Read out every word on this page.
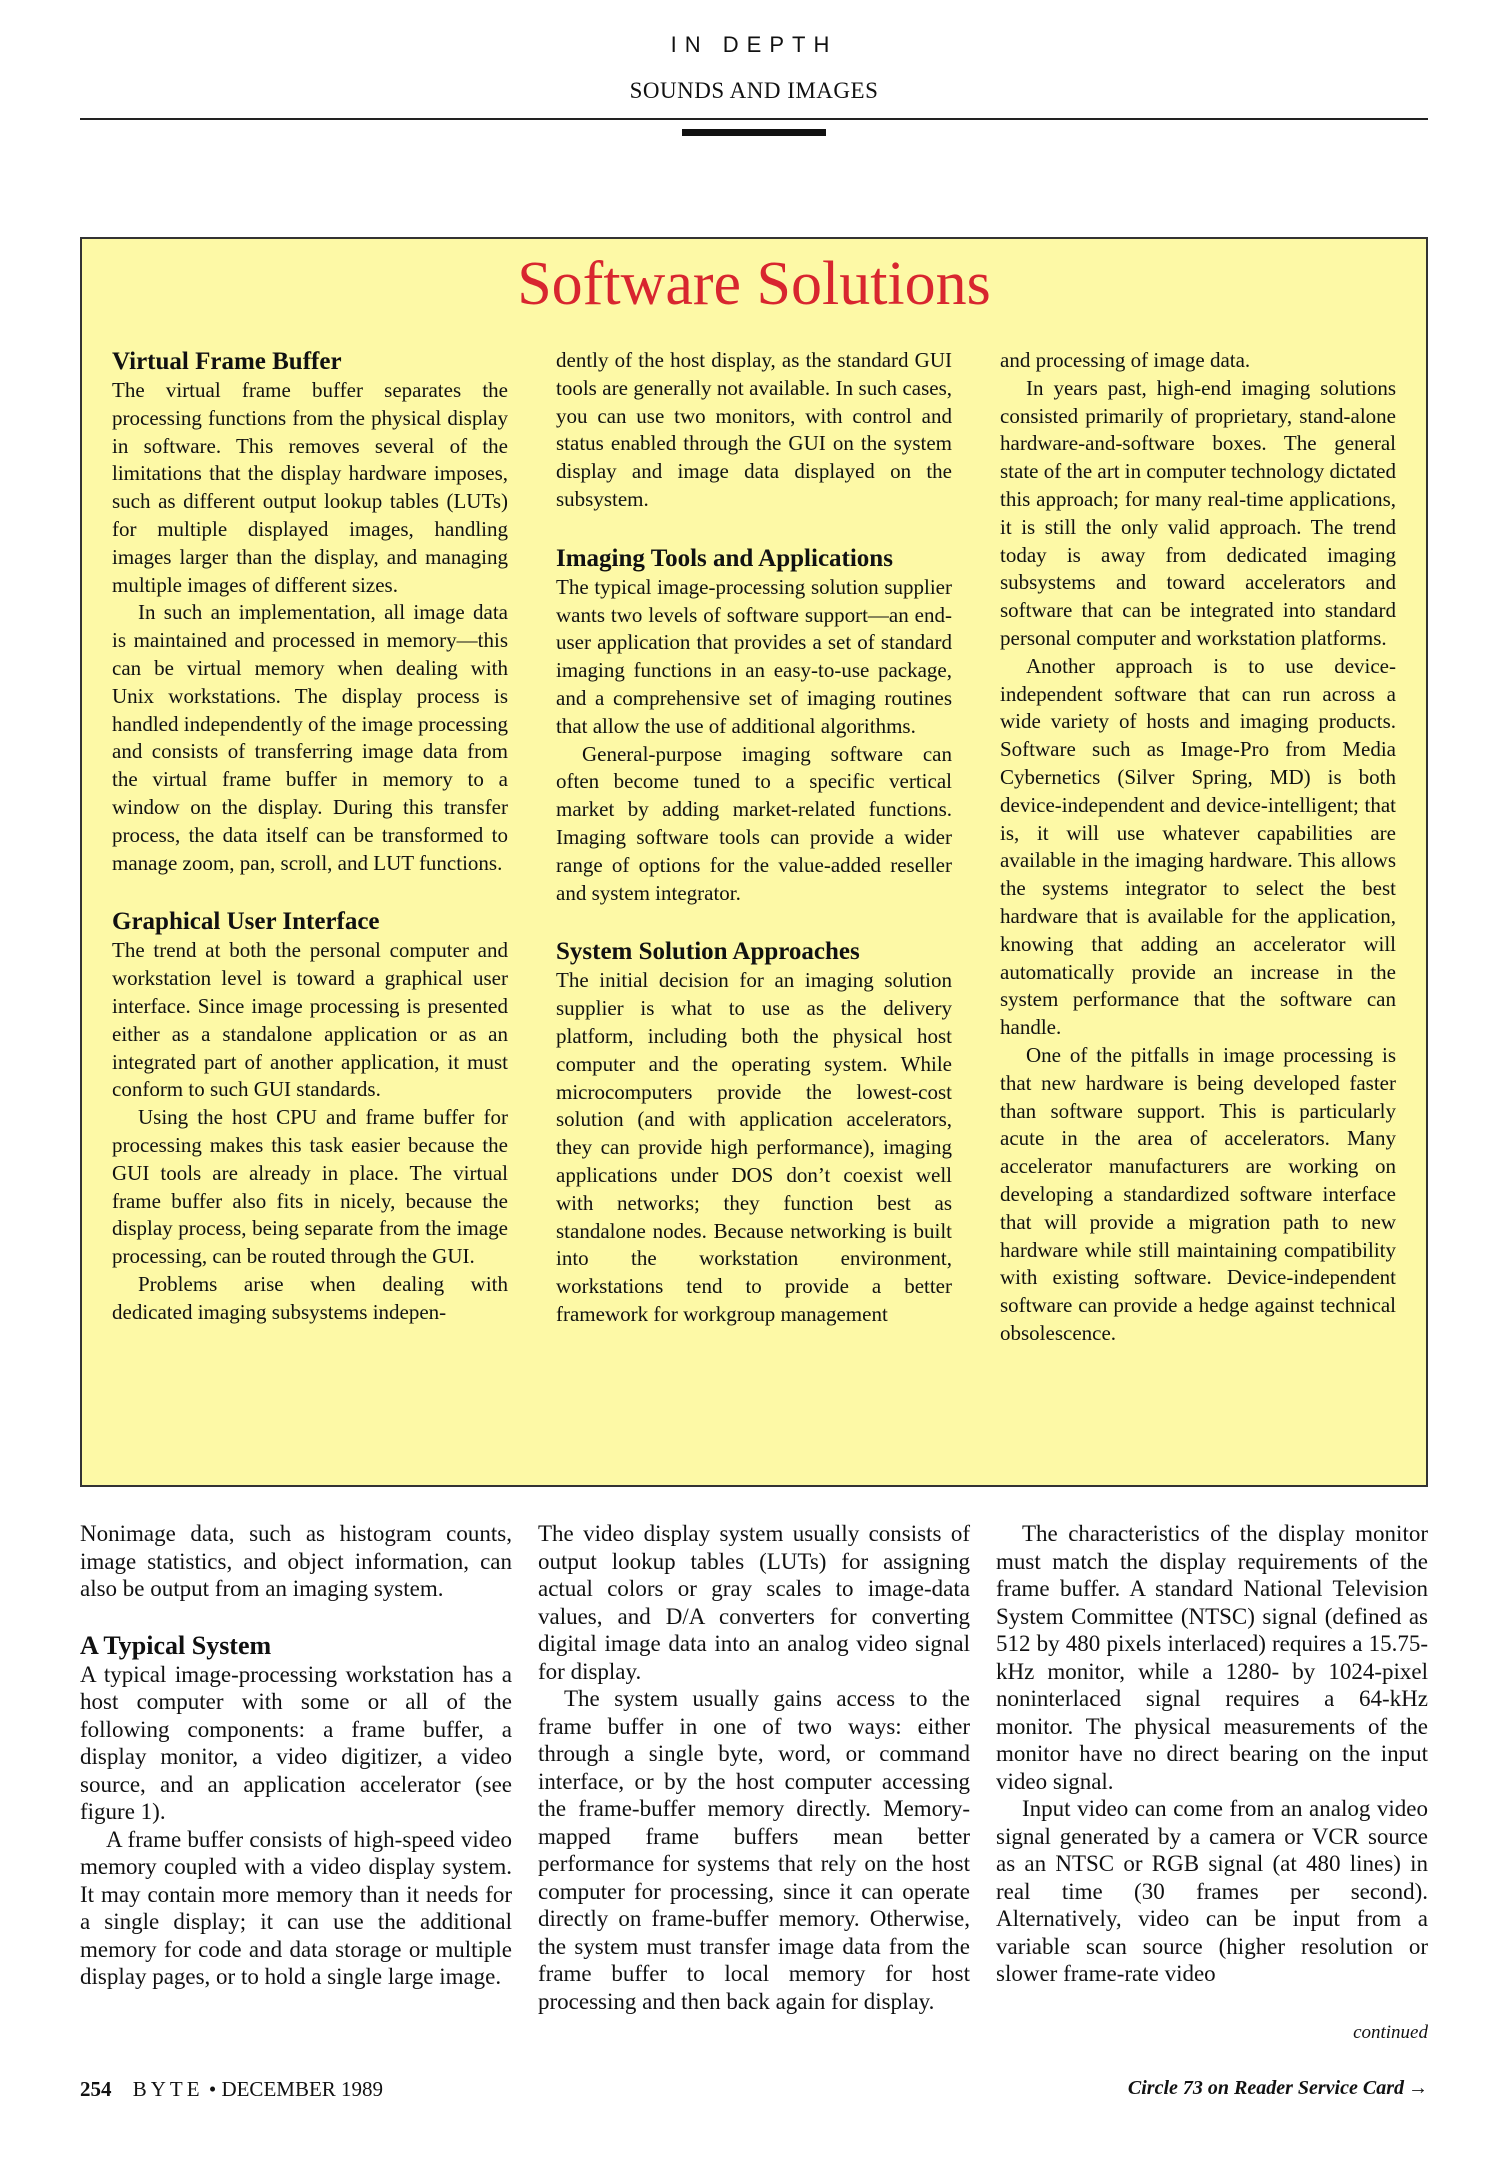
IN DEPTH
SOUNDS AND IMAGES
Software Solutions
Virtual Frame Buffer

The virtual frame buffer separates the processing functions from the physical display in software. This removes several of the limitations that the display hardware imposes, such as different output lookup tables (LUTs) for multiple displayed images, handling images larger than the display, and managing multiple images of different sizes.

In such an implementation, all image data is maintained and processed in memory—this can be virtual memory when dealing with Unix workstations. The display process is handled independently of the image processing and consists of transferring image data from the virtual frame buffer in memory to a window on the display. During this transfer process, the data itself can be transformed to manage zoom, pan, scroll, and LUT functions.

Graphical User Interface

The trend at both the personal computer and workstation level is toward a graphical user interface. Since image processing is presented either as a standalone application or as an integrated part of another application, it must conform to such GUI standards.

Using the host CPU and frame buffer for processing makes this task easier because the GUI tools are already in place. The virtual frame buffer also fits in nicely, because the display process, being separate from the image processing, can be routed through the GUI.

Problems arise when dealing with dedicated imaging subsystems indepen-

dently of the host display, as the standard GUI tools are generally not available. In such cases, you can use two monitors, with control and status enabled through the GUI on the system display and image data displayed on the subsystem.

Imaging Tools and Applications

The typical image-processing solution supplier wants two levels of software support—an end-user application that provides a set of standard imaging functions in an easy-to-use package, and a comprehensive set of imaging routines that allow the use of additional algorithms.

General-purpose imaging software can often become tuned to a specific vertical market by adding market-related functions. Imaging software tools can provide a wider range of options for the value-added reseller and system integrator.

System Solution Approaches

The initial decision for an imaging solution supplier is what to use as the delivery platform, including both the physical host computer and the operating system. While microcomputers provide the lowest-cost solution (and with application accelerators, they can provide high performance), imaging applications under DOS don’t coexist well with networks; they function best as standalone nodes. Because networking is built into the workstation environment, workstations tend to provide a better framework for workgroup management

and processing of image data.

In years past, high-end imaging solutions consisted primarily of proprietary, stand-alone hardware-and-software boxes. The general state of the art in computer technology dictated this approach; for many real-time applications, it is still the only valid approach. The trend today is away from dedicated imaging subsystems and toward accelerators and software that can be integrated into standard personal computer and workstation platforms.

Another approach is to use device-independent software that can run across a wide variety of hosts and imaging products. Software such as Image-Pro from Media Cybernetics (Silver Spring, MD) is both device-independent and device-intelligent; that is, it will use whatever capabilities are available in the imaging hardware. This allows the systems integrator to select the best hardware that is available for the application, knowing that adding an accelerator will automatically provide an increase in the system performance that the software can handle.

One of the pitfalls in image processing is that new hardware is being developed faster than software support. This is particularly acute in the area of accelerators. Many accelerator manufacturers are working on developing a standardized software interface that will provide a migration path to new hardware while still maintaining compatibility with existing software. Device-independent software can provide a hedge against technical obsolescence.

Nonimage data, such as histogram counts, image statistics, and object information, can also be output from an imaging system.

A Typical System

A typical image-processing workstation has a host computer with some or all of the following components: a frame buffer, a display monitor, a video digitizer, a video source, and an application accelerator (see figure 1).

A frame buffer consists of high-speed video memory coupled with a video display system. It may contain more memory than it needs for a single display; it can use the additional memory for code and data storage or multiple display pages, or to hold a single large image.

The video display system usually consists of output lookup tables (LUTs) for assigning actual colors or gray scales to image-data values, and D/A converters for converting digital image data into an analog video signal for display.

The system usually gains access to the frame buffer in one of two ways: either through a single byte, word, or command interface, or by the host computer accessing the frame-buffer memory directly. Memory-mapped frame buffers mean better performance for systems that rely on the host computer for processing, since it can operate directly on frame-buffer memory. Otherwise, the system must transfer image data from the frame buffer to local memory for host processing and then back again for display.

The characteristics of the display monitor must match the display requirements of the frame buffer. A standard National Television System Committee (NTSC) signal (defined as 512 by 480 pixels interlaced) requires a 15.75-kHz monitor, while a 1280- by 1024-pixel noninterlaced signal requires a 64-kHz monitor. The physical measurements of the monitor have no direct bearing on the input video signal.

Input video can come from an analog video signal generated by a camera or VCR source as an NTSC or RGB signal (at 480 lines) in real time (30 frames per second). Alternatively, video can be input from a variable scan source (higher resolution or slower frame-rate video

continued
254 BYTE • DECEMBER 1989	Circle 73 on Reader Service Card →
